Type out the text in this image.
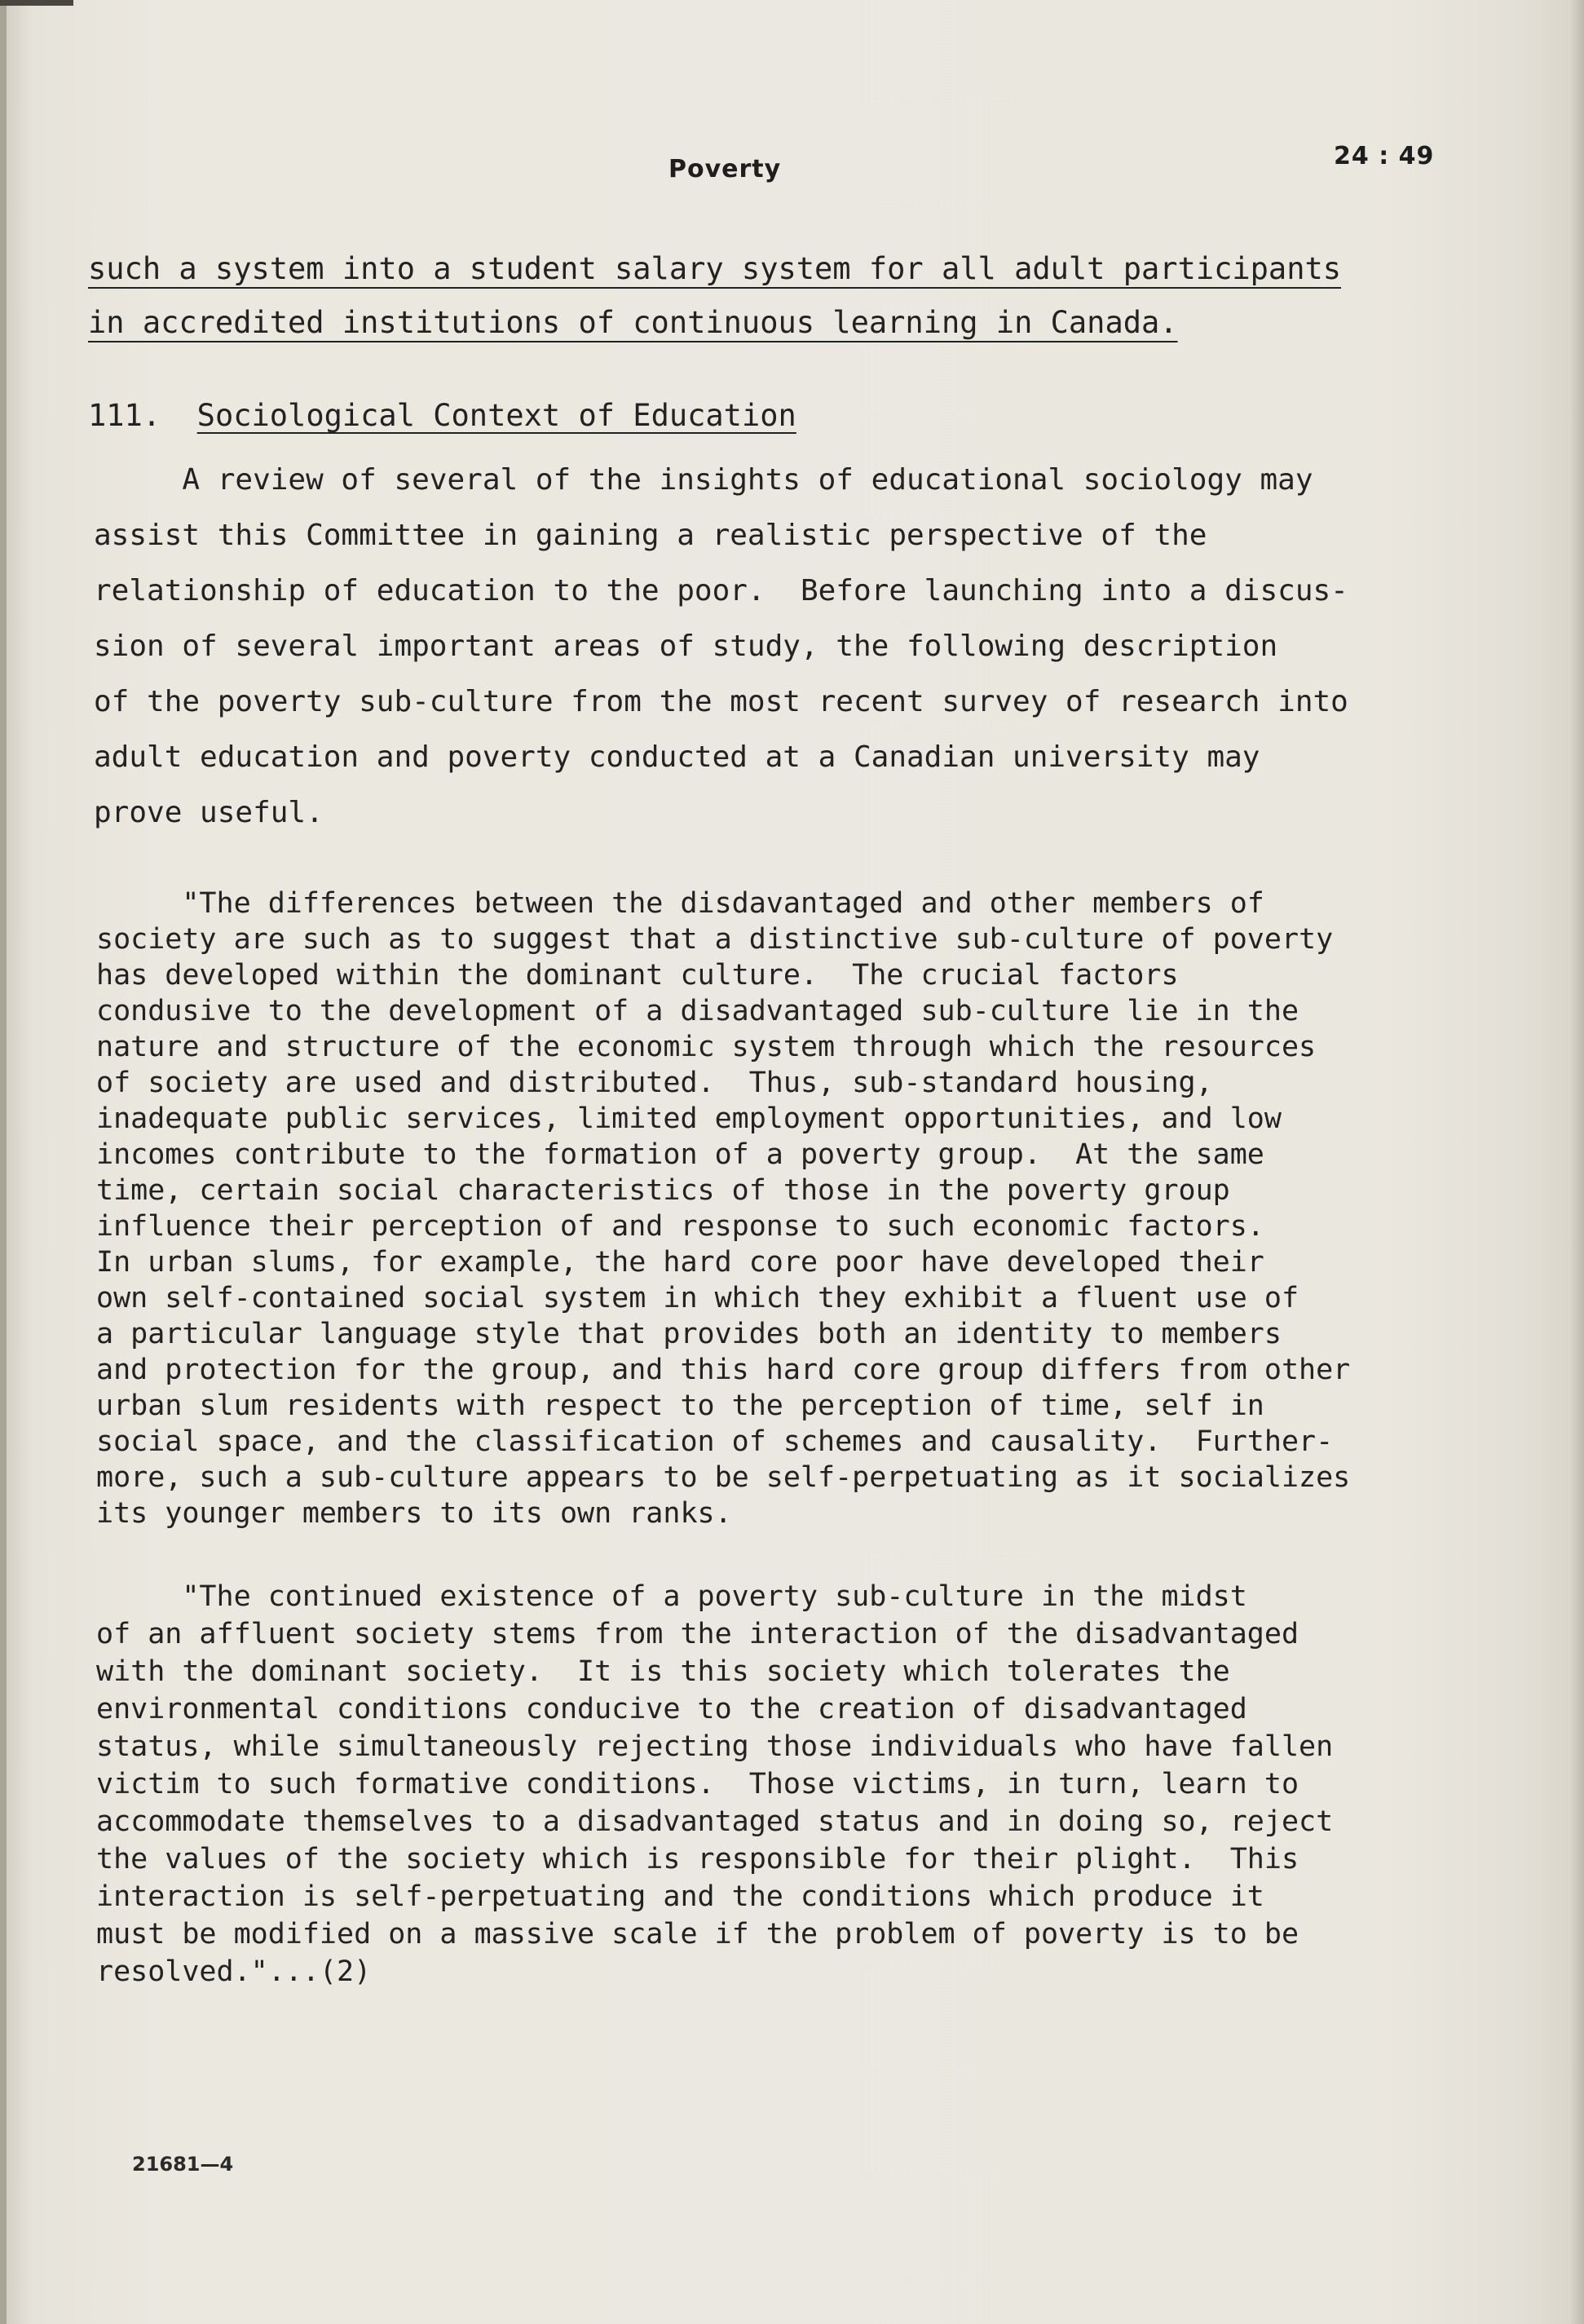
Poverty	24 : 49
such a system into a student salary system for all adult participants
in accredited institutions of continuous learning in Canada.
111. Sociological Context of Education
A review of several of the insights of educational sociology may
assist this Committee in gaining a realistic perspective of the
relationship of education to the poor.  Before launching into a discus-
sion of several important areas of study, the following description
of the poverty sub-culture from the most recent survey of research into
adult education and poverty conducted at a Canadian university may
prove useful.
"The differences between the disdavantaged and other members of
society are such as to suggest that a distinctive sub-culture of poverty
has developed within the dominant culture.  The crucial factors
condusive to the development of a disadvantaged sub-culture lie in the
nature and structure of the economic system through which the resources
of society are used and distributed.  Thus, sub-standard housing,
inadequate public services, limited employment opportunities, and low
incomes contribute to the formation of a poverty group.  At the same
time, certain social characteristics of those in the poverty group
influence their perception of and response to such economic factors.
In urban slums, for example, the hard core poor have developed their
own self-contained social system in which they exhibit a fluent use of
a particular language style that provides both an identity to members
and protection for the group, and this hard core group differs from other
urban slum residents with respect to the perception of time, self in
social space, and the classification of schemes and causality.  Further-
more, such a sub-culture appears to be self-perpetuating as it socializes
its younger members to its own ranks.
"The continued existence of a poverty sub-culture in the midst
of an affluent society stems from the interaction of the disadvantaged
with the dominant society.  It is this society which tolerates the
environmental conditions conducive to the creation of disadvantaged
status, while simultaneously rejecting those individuals who have fallen
victim to such formative conditions.  Those victims, in turn, learn to
accommodate themselves to a disadvantaged status and in doing so, reject
the values of the society which is responsible for their plight.  This
interaction is self-perpetuating and the conditions which produce it
must be modified on a massive scale if the problem of poverty is to be
resolved."...(2)
21681—4
